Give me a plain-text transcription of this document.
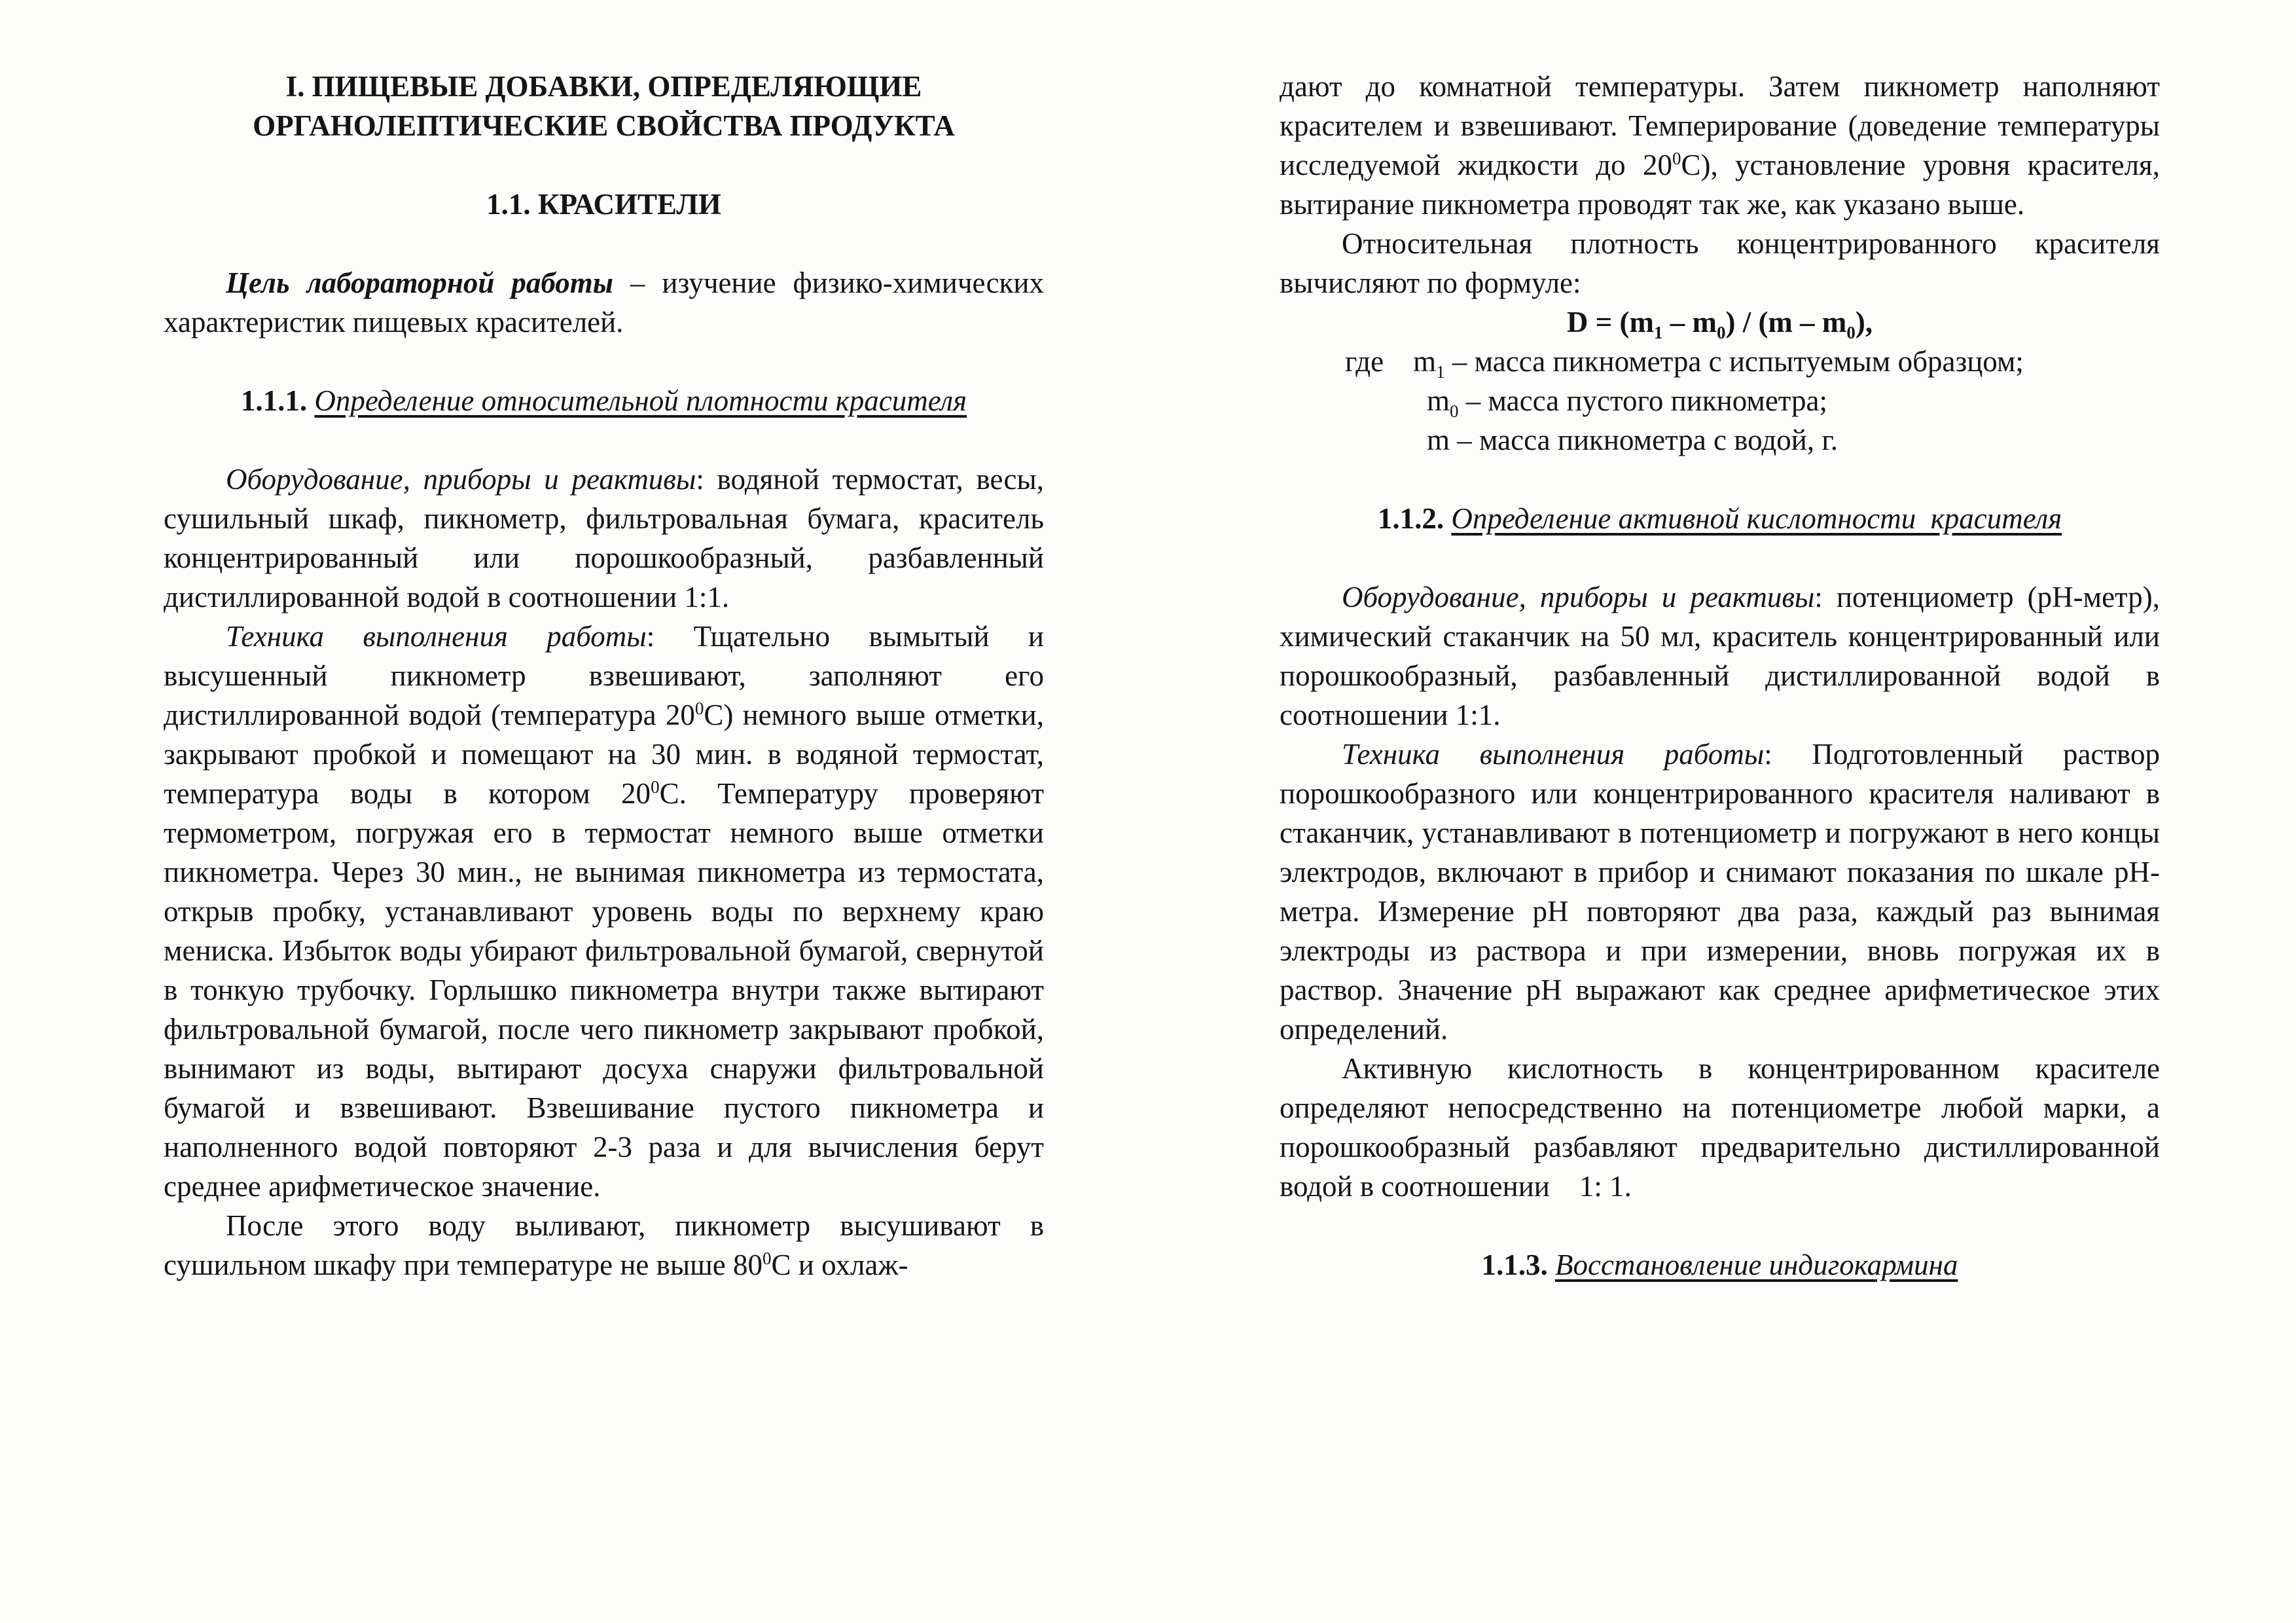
I. ПИЩЕВЫЕ ДОБАВКИ, ОПРЕДЕЛЯЮЩИЕ
ОРГАНОЛЕПТИЧЕСКИЕ СВОЙСТВА ПРОДУКТА
1.1. КРАСИТЕЛИ
Цель лабораторной работы – изучение физико-химических характеристик пищевых красителей.
1.1.1. Определение относительной плотности красителя
Оборудование, приборы и реактивы: водяной термостат, весы, сушильный шкаф, пикнометр, фильтровальная бумага, краситель концентрированный или порошкообразный, разбавленный дистиллированной водой в соотношении 1:1.
Техника выполнения работы: Тщательно вымытый и высушенный пикнометр взвешивают, заполняют его дистиллированной водой (температура $20^0С$) немного выше отметки, закрывают пробкой и помещают на 30 мин. в водяной термостат, температура воды в котором $20^0С$. Температуру проверяют термометром, погружая его в термостат немного выше отметки пикнометра. Через 30 мин., не вынимая пикнометра из термостата, открыв пробку, устанавливают уровень воды по верхнему краю мениска. Избыток воды убирают фильтровальной бумагой, свернутой в тонкую трубочку. Горлышко пикнометра внутри также вытирают фильтровальной бумагой, после чего пикнометр закрывают пробкой, вынимают из воды, вытирают досуха снаружи фильтровальной бумагой и взвешивают. Взвешивание пустого пикнометра и наполненного водой повторяют 2-3 раза и для вычисления берут среднее арифметическое значение.
После этого воду выливают, пикнометр высушивают в сушильном шкафу при температуре не выше $80^0С$ и охлаж-
дают до комнатной температуры. Затем пикнометр наполняют красителем и взвешивают. Темперирование (доведение температуры исследуемой жидкости до $20^0С$), установление уровня красителя, вытирание пикнометра проводят так же, как указано выше.
Относительная плотность концентрированного красителя вычисляют по формуле:
$D = (m_1 - m_0) / (m - m_0)$,
где    $m_1$ – масса пикнометра с испытуемым образцом;
$m_0$ – масса пустого пикнометра;
m – масса пикнометра с водой, г.
1.1.2. Определение активной кислотности  красителя
Оборудование, приборы и реактивы: потенциометр (рН-метр), химический стаканчик на 50 мл, краситель концентрированный или порошкообразный, разбавленный дистиллированной водой в соотношении 1:1.
Техника выполнения работы: Подготовленный раствор порошкообразного или концентрированного красителя наливают в стаканчик, устанавливают в потенциометр и погружают в него концы электродов, включают в прибор и снимают показания по шкале рН- метра. Измерение рН повторяют два раза, каждый раз вынимая электроды из раствора и при измерении, вновь погружая их в раствор. Значение рН выражают как среднее арифметическое этих определений.
Активную кислотность в концентрированном красителе определяют непосредственно на потенциометре любой марки, а порошкообразный разбавляют предварительно дистиллированной водой в соотношении    1: 1.
1.1.3. Восстановление индигокармина
